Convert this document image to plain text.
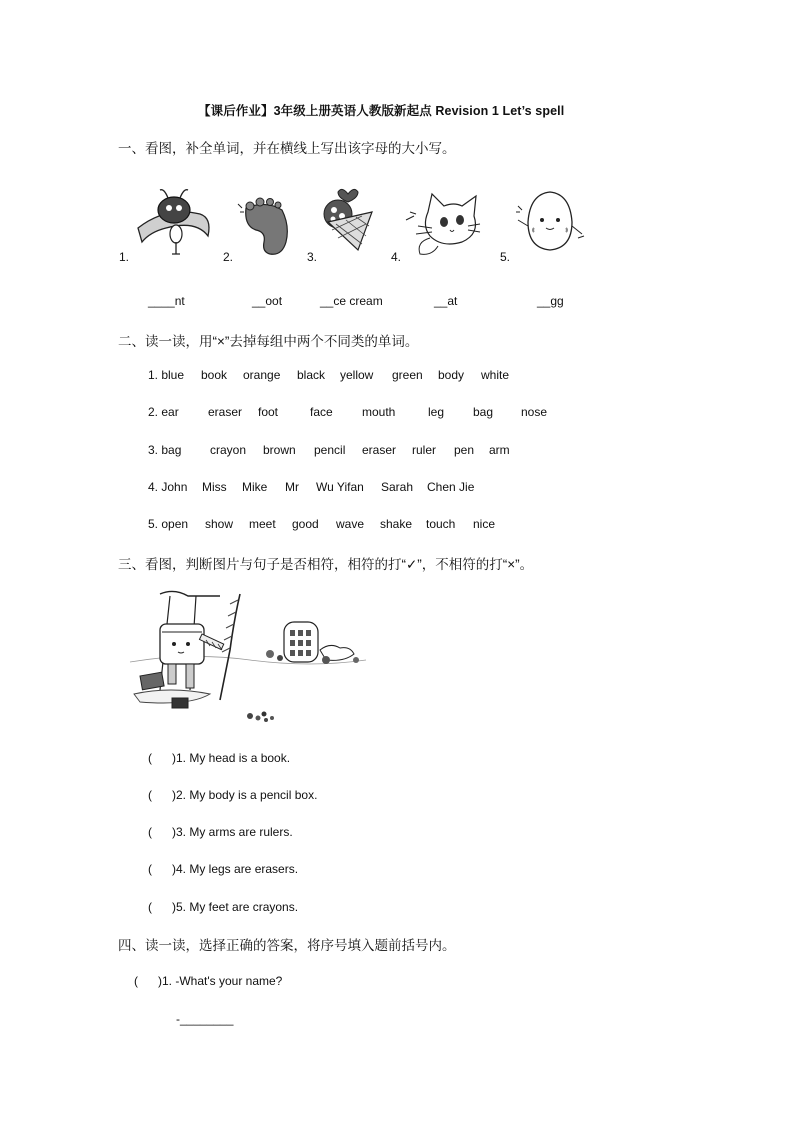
【课后作业】3年级上册英语人教版新起点 Revision 1 Let’s spell
一、看图，补全单词，并在横线上写出该字母的大小写。
1.	2.	3.	4.	5.
____nt	__oot	__ce cream	__at	__gg
二、读一读，用“×”去掉每组中两个不同类的单词。
1. blue book orange black yellow green body white
2. ear eraser foot	face mouth	leg bag nose
3. bag crayon brown pencil eraser ruler pen arm
4. John Miss Mike Mr Wu Yifan Sarah Chen Jie
5. open show meet good wave shake touch nice
三、看图，判断图片与句子是否相符，相符的打“✓”，不相符的打“×”。
( )1. My head is a book.
( )2. My body is a pencil box.
( )3. My arms are rulers.
( )4. My legs are erasers.
( )5. My feet are crayons.
四、读一读，选择正确的答案，将序号填入题前括号内。
( )1. -What's your name?
-________
